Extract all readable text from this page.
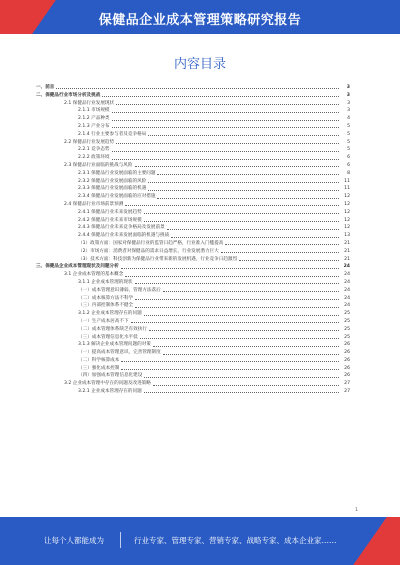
保健品企业成本管理策略研究报告
内容目录
一、前言	3
二、保健品行业市场分析及挑战	3
2.1 保健品行业发展现状	3
2.1.1 市场规模	3
2.1.2 产品种类	4
2.1.3 产业分布	5
2.1.4 行业主要参与者及竞争格局	5
2.2 保健品行业发展趋势	5
2.2.1 竞争态势	5
2.2.2 政策环境	6
2.3 保健品行业面临的挑战与风险	6
2.3.1 保健品行业发展面临的主要问题	8
2.3.2 保健品行业发展面临的风险	11
2.3.3 保健品行业发展面临的机遇	11
2.3.4 保健品行业发展面临的应对措施	12
2.4 保健品行业市场前景预测	12
2.4.1 保健品行业未来发展趋势	12
2.4.2 保健品行业未来市场规模	12
2.4.3 保健品行业未来竞争格局及发展前景	12
2.4.4 保健品行业未来发展面临的机遇与挑战	13
（1）政策方面：国家对保健品行业的监管日趋严格，行业准入门槛提高	21
（2）市场方面：消费者对保健品的需求日益增长，行业发展潜力巨大	21
（3）技术方面：科技创新为保健品行业带来新的发展机遇，行业竞争日趋激烈	21
三、保健品企业成本管理现状及问题分析	24
3.1 企业成本管理的基本概念	24
3.1.1 企业成本管理的现状	24
（一）成本管理意识薄弱，管理方法落后	24
（二）成本核算方法不科学	24
（三）内部控制体系不健全	24
3.1.2 企业成本管理存在的问题	25
（一）生产成本居高不下	25
（二）成本管理体系缺乏有效执行	25
（三）成本管理信息化水平低	25
3.1.3 解决企业成本管理问题的对策	26
（一）提高成本管理意识，完善管理制度	26
（二）科学核算成本	26
（三）强化成本控制	26
（四）加强成本管理信息化建设	26
3.2 企业成本管理中存在的问题及改进策略	27
3.2.1 企业成本管理存在的问题	27
1
让每个人都能成为	行业专家、管理专家、营销专家、战略专家、成本企业家……
